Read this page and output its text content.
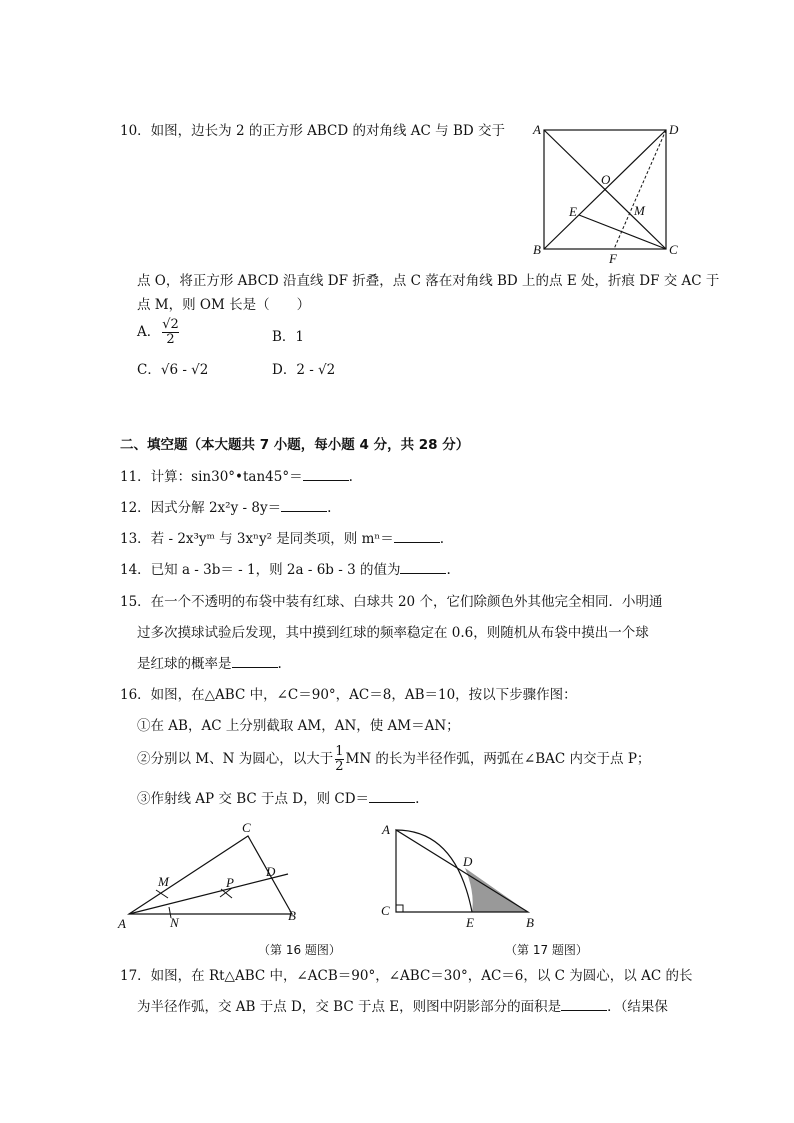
10．如图，边长为 2 的正方形 ABCD 的对角线 AC 与 BD 交于 A	D
B	C
O
E	M
F
点 O，将正方形 ABCD 沿直线 DF 折叠，点 C 落在对角线 BD 上的点 E 处，折痕 DF 交 AC 于
点 M，则 OM 长是（　　）
A． $\frac{√2}{2}$	B．1
C．√6 - √2	D．2 - √2
二、填空题（本大题共 7 小题，每小题 4 分，共 28 分）
11．计算：sin30°•tan45°＝	.
12．因式分解 2x²y - 8y＝	.
13．若 - 2x³yᵐ 与 3xⁿy² 是同类项，则 mⁿ＝	.
14．已知 a - 3b＝ - 1，则 2a - 6b - 3 的值为	.
15．在一个不透明的布袋中装有红球、白球共 20 个，它们除颜色外其他完全相同．小明通
过多次摸球试验后发现，其中摸到红球的频率稳定在 0.6，则随机从布袋中摸出一个球
是红球的概率是	.
16．如图，在△ABC 中，∠C＝90°，AC＝8，AB＝10，按以下步骤作图：
①在 AB，AC 上分别截取 AM，AN，使 AM＝AN；
②分别以 M、N 为圆心，以大于 $\frac{1}{2}$ MN 的长为半径作弧，两弧在∠BAC 内交于点 P；
③作射线 AP 交 BC 于点 D，则 CD＝	.
A
C
B
D
M
N
P
（第 16 题图）
A
C
B
D
E
（第 17 题图）
17．如图，在 Rt△ABC 中，∠ACB＝90°，∠ABC＝30°，AC＝6，以 C 为圆心，以 AC 的长
为半径作弧，交 AB 于点 D，交 BC 于点 E，则图中阴影部分的面积是	．（结果保
